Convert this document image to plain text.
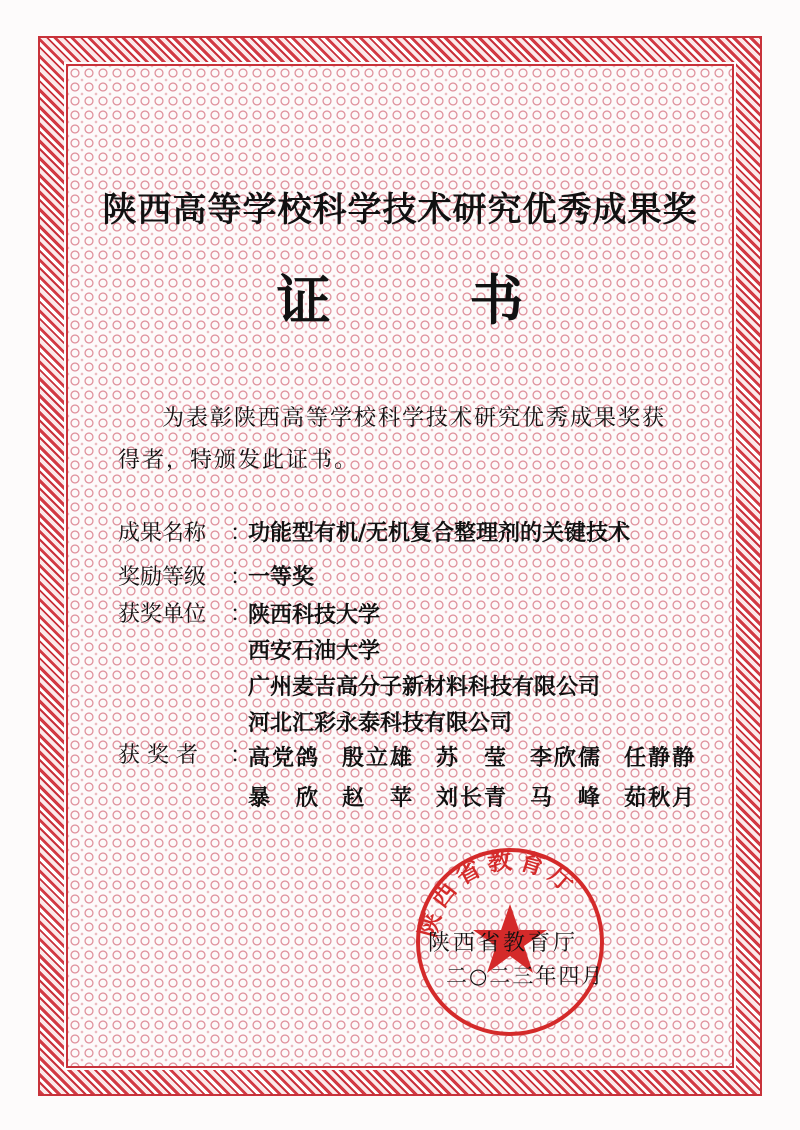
陕西高等学校科学技术研究优秀成果奖
证 书
为表彰陕西高等学校科学技术研究优秀成果奖获得者，特颁发此证书。
成果名称	：
功能型有机/无机复合整理剂的关键技术
奖励等级	：
一等奖
获奖单位	：
陕西科技大学
西安石油大学
广州麦吉高分子新材料科技有限公司
河北汇彩永泰科技有限公司
获 奖 者	：
高党鸽 殷立雄 苏　莹 李欣儒 任静静
暴　欣 赵　苹 刘长青 马　峰 茹秋月
陕西省教育厅
陕西省教育厅
二○二三年四月
